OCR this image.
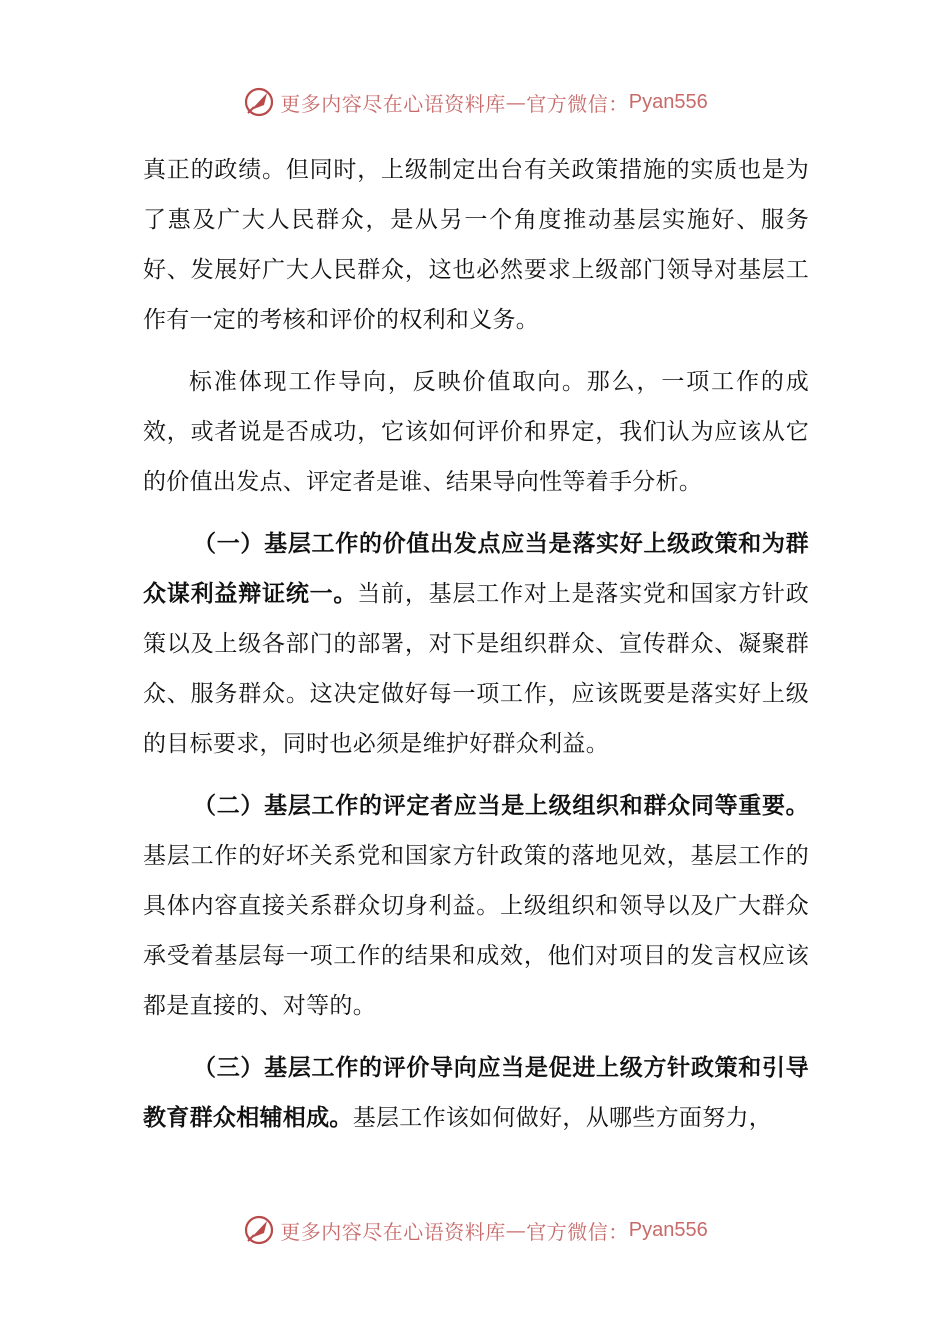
更多内容尽在心语资料库 — 官方微信： Pyan556

真正的政绩。但同时，上级制定出台有关政策措施的实质也是为了惠及广大人民群众，是从另一个角度推动基层实施好、服务好、发展好广大人民群众，这也必然要求上级部门领导对基层工作有一定的考核和评价的权利和义务。

标准体现工作导向，反映价值取向。那么，一项工作的成效，或者说是否成功，它该如何评价和界定，我们认为应该从它的价值出发点、评定者是谁、结果导向性等着手分析。

（一）基层工作的价值出发点应当是落实好上级政策和为群众谋利益辩证统一。当前，基层工作对上是落实党和国家方针政策以及上级各部门的部署，对下是组织群众、宣传群众、凝聚群众、服务群众。这决定做好每一项工作，应该既要是落实好上级的目标要求，同时也必须是维护好群众利益。

（二）基层工作的评定者应当是上级组织和群众同等重要。基层工作的好坏关系党和国家方针政策的落地见效，基层工作的具体内容直接关系群众切身利益。上级组织和领导以及广大群众承受着基层每一项工作的结果和成效，他们对项目的发言权应该都是直接的、对等的。

（三）基层工作的评价导向应当是促进上级方针政策和引导教育群众相辅相成。基层工作该如何做好，从哪些方面努力，

更多内容尽在心语资料库 — 官方微信： Pyan556
